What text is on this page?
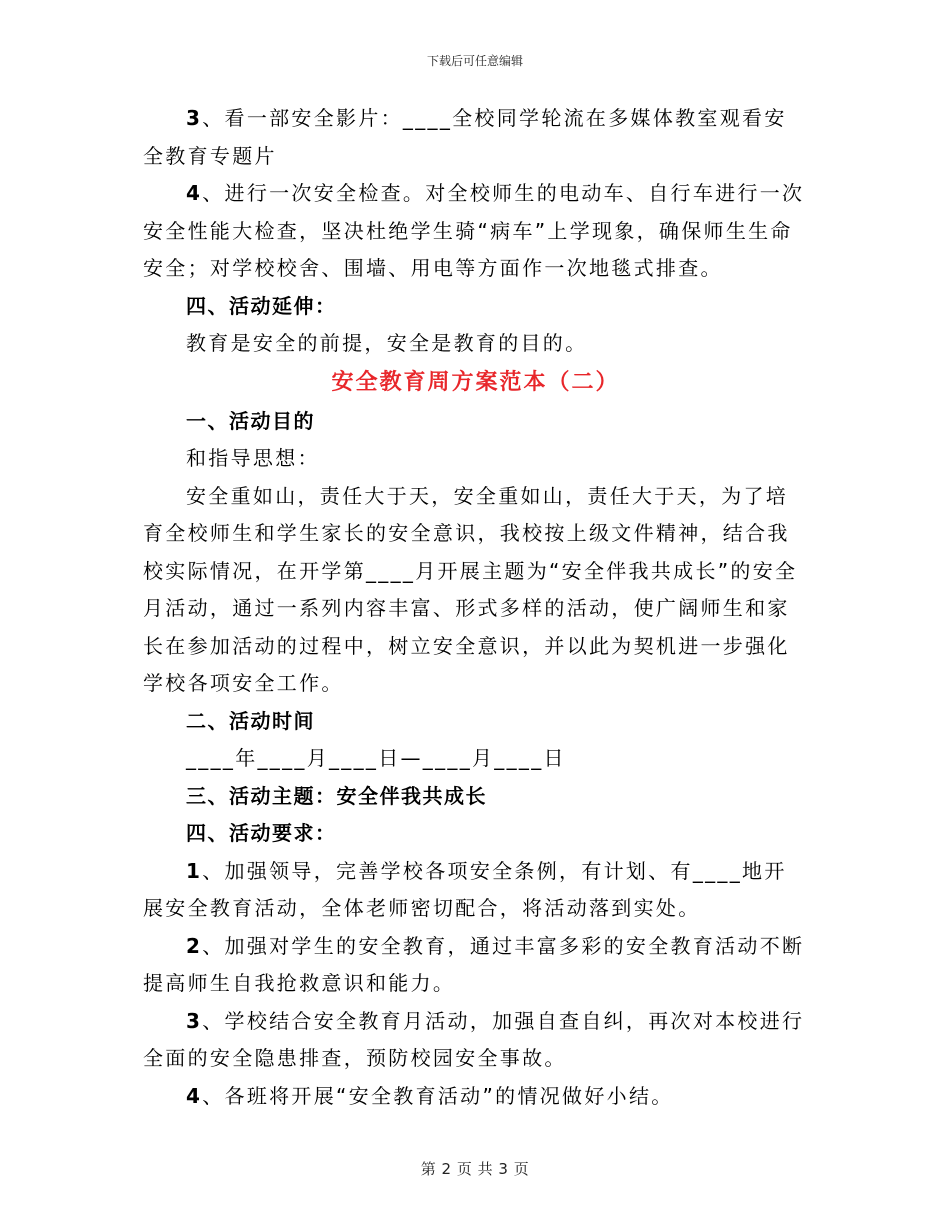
下载后可任意编辑

3、看一部安全影片：____全校同学轮流在多媒体教室观看安全教育专题片

4、进行一次安全检查。对全校师生的电动车、自行车进行一次安全性能大检查，坚决杜绝学生骑“病车”上学现象，确保师生生命安全；对学校校舍、围墙、用电等方面作一次地毯式排查。

四、活动延伸：

教育是安全的前提，安全是教育的目的。

安全教育周方案范本（二）

一、活动目的

和指导思想：

安全重如山，责任大于天，安全重如山，责任大于天，为了培育全校师生和学生家长的安全意识，我校按上级文件精神，结合我校实际情况，在开学第____月开展主题为“安全伴我共成长”的安全月活动，通过一系列内容丰富、形式多样的活动，使广阔师生和家长在参加活动的过程中，树立安全意识，并以此为契机进一步强化学校各项安全工作。

二、活动时间

____年____月____日—____月____日

三、活动主题：安全伴我共成长

四、活动要求：

1、加强领导，完善学校各项安全条例，有计划、有____地开展安全教育活动，全体老师密切配合，将活动落到实处。

2、加强对学生的安全教育，通过丰富多彩的安全教育活动不断提高师生自我抢救意识和能力。

3、学校结合安全教育月活动，加强自查自纠，再次对本校进行全面的安全隐患排查，预防校园安全事故。

4、各班将开展“安全教育活动”的情况做好小结。

第 2 页 共 3 页
